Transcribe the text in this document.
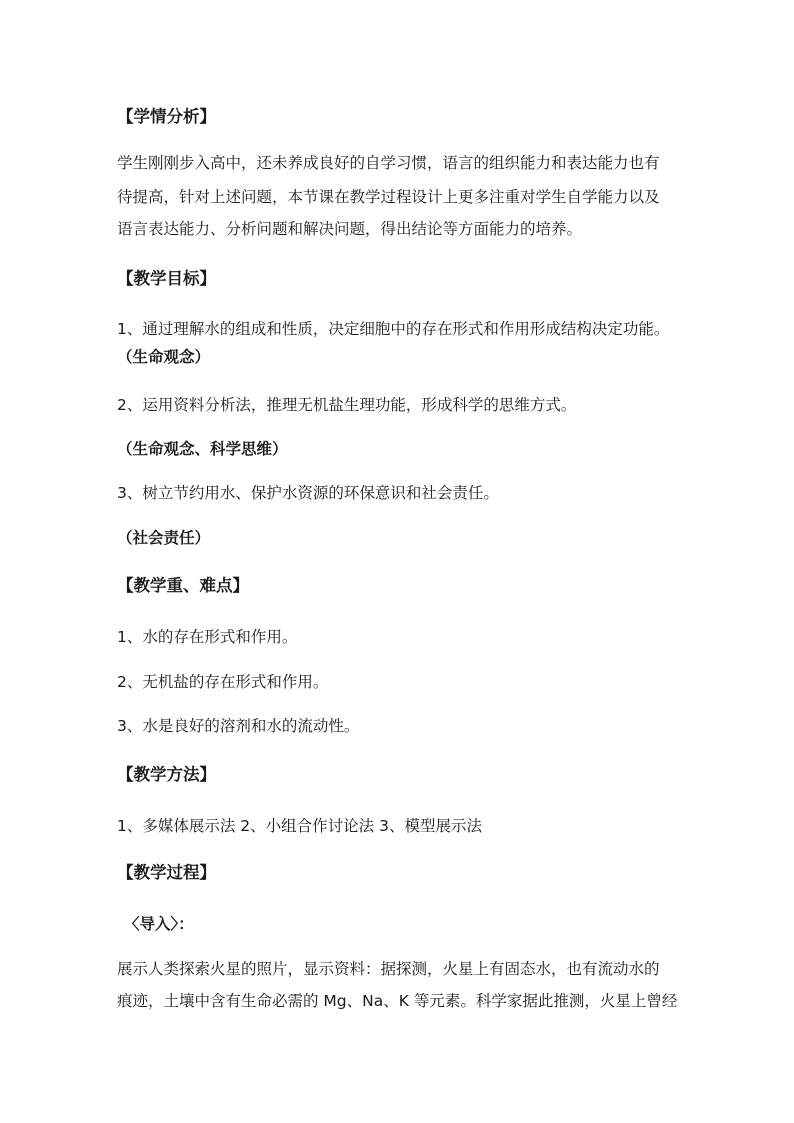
【学情分析】
学生刚刚步入高中，还未养成良好的自学习惯，语言的组织能力和表达能力也有
待提高，针对上述问题，本节课在教学过程设计上更多注重对学生自学能力以及
语言表达能力、分析问题和解决问题，得出结论等方面能力的培养。
【教学目标】
1、通过理解水的组成和性质，决定细胞中的存在形式和作用形成结构决定功能。
（生命观念）
2、运用资料分析法，推理无机盐生理功能，形成科学的思维方式。
（生命观念、科学思维）
3、树立节约用水、保护水资源的环保意识和社会责任。
（社会责任）
【教学重、难点】
1、水的存在形式和作用。
2、无机盐的存在形式和作用。
3、水是良好的溶剂和水的流动性。
【教学方法】
1、多媒体展示法 2、小组合作讨论法 3、模型展示法
【教学过程】
〈导入〉：
展示人类探索火星的照片，显示资料：据探测，火星上有固态水，也有流动水的
痕迹，土壤中含有生命必需的 Mg、Na、K 等元素。科学家据此推测，火星上曾经
